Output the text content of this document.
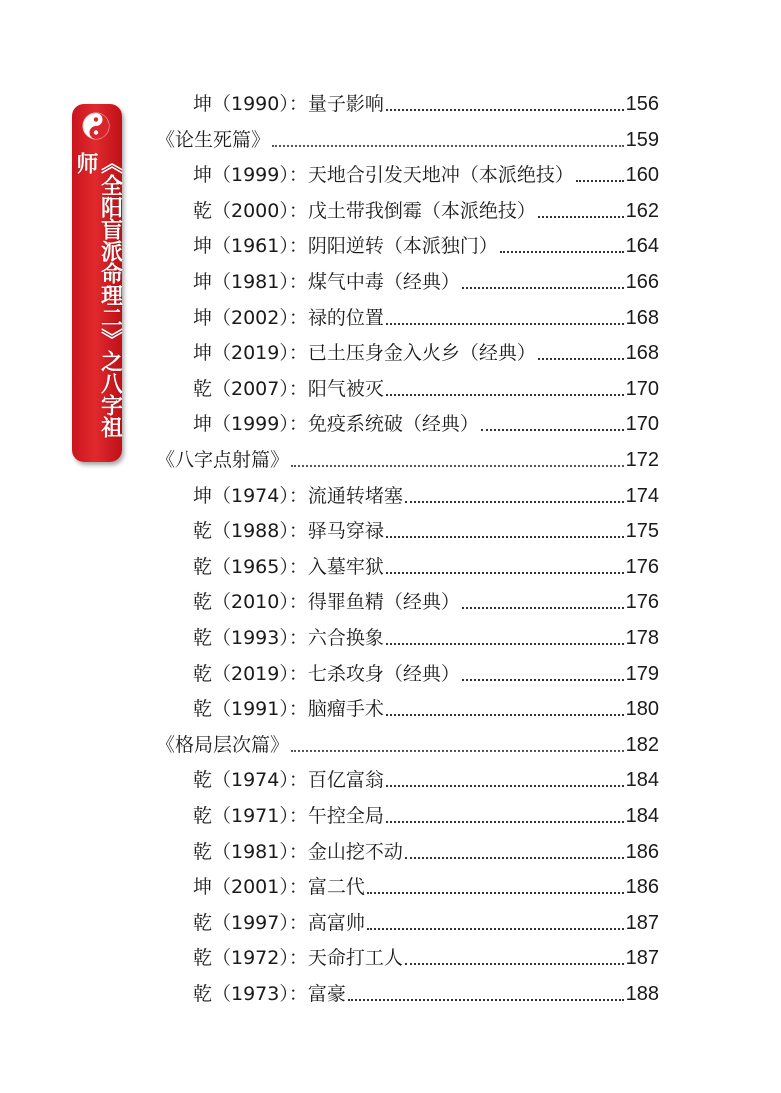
《全阳盲派命理二》之八字祖师
坤（1990）：量子影响	156
《论生死篇》	159
坤（1999）：天地合引发天地冲（本派绝技）	160
乾（2000）：戊土带我倒霉（本派绝技）	162
坤（1961）：阴阳逆转（本派独门）	164
坤（1981）：煤气中毒（经典）	166
坤（2002）：禄的位置	168
坤（2019）：已土压身金入火乡（经典）	168
乾（2007）：阳气被灭	170
坤（1999）：免疫系统破（经典）	170
《八字点射篇》	172
坤（1974）：流通转堵塞	174
乾（1988）：驿马穿禄	175
乾（1965）：入墓牢狱	176
乾（2010）：得罪鱼精（经典）	176
乾（1993）：六合换象	178
乾（2019）：七杀攻身（经典）	179
乾（1991）：脑瘤手术	180
《格局层次篇》	182
乾（1974）：百亿富翁	184
乾（1971）：午控全局	184
乾（1981）：金山挖不动	186
坤（2001）：富二代	186
乾（1997）：高富帅	187
乾（1972）：天命打工人	187
乾（1973）：富豪	188
